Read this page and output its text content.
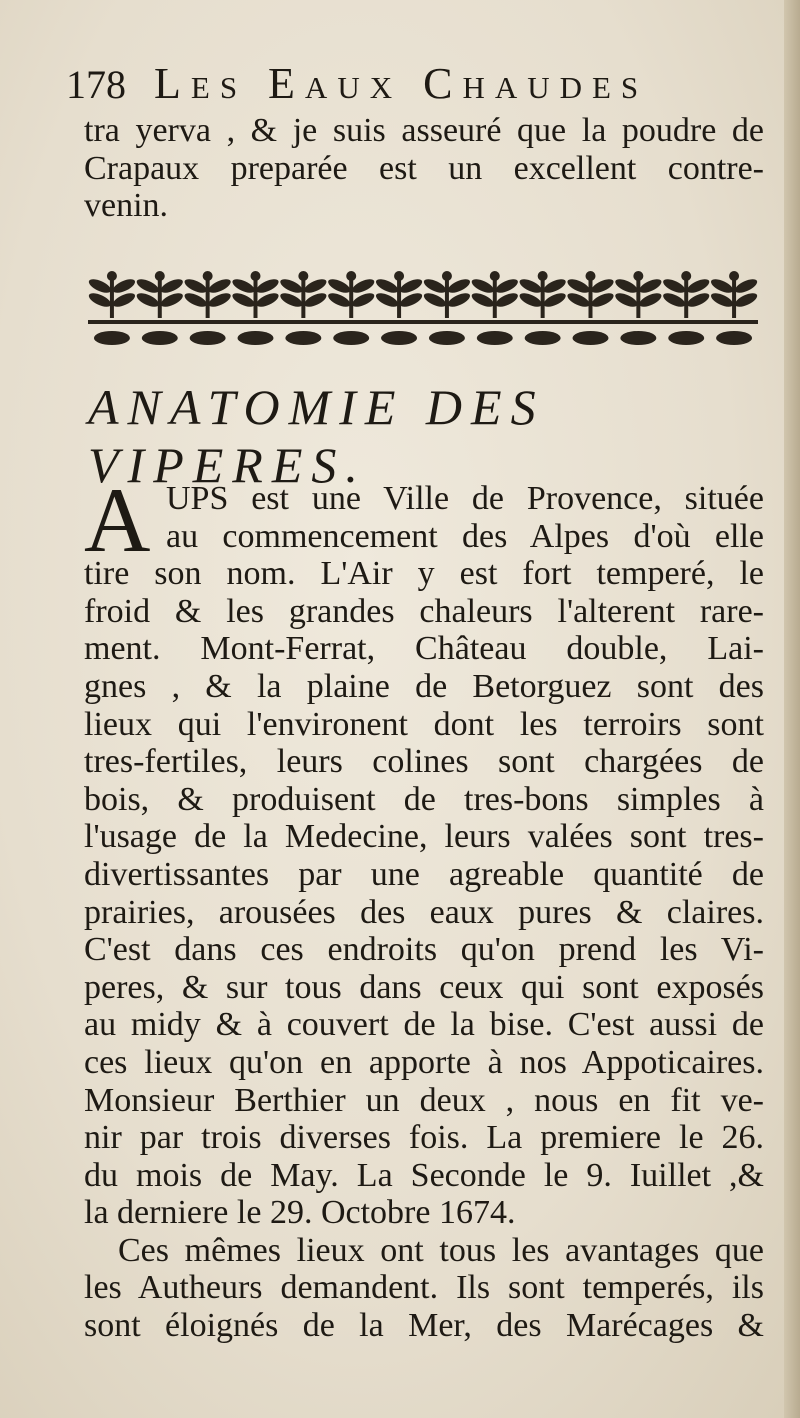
178 Les Eaux Chaudes
tra yerva , & je suis asseuré que la poudre de
Crapaux preparée est un excellent contre-
venin.
ANATOMIE DES VIPERES.
A UPS est une Ville de Provence, située
au commencement des Alpes d'où elle
tire son nom. L'Air y est fort temperé, le
froid & les grandes chaleurs l'alterent rare-
ment. Mont-Ferrat, Château double, Lai-
gnes , & la plaine de Betorguez sont des
lieux qui l'environent dont les terroirs sont
tres-fertiles, leurs colines sont chargées de
bois, & produisent de tres-bons simples à
l'usage de la Medecine, leurs valées sont tres-
divertissantes par une agreable quantité de
prairies, arousées des eaux pures & claires.
C'est dans ces endroits qu'on prend les Vi-
peres, & sur tous dans ceux qui sont exposés
au midy & à couvert de la bise. C'est aussi de
ces lieux qu'on en apporte à nos Appoticaires.
Monsieur Berthier un deux , nous en fit ve-
nir par trois diverses fois. La premiere le 26.
du mois de May. La Seconde le 9. Iuillet ,&
la derniere le 29. Octobre 1674.
Ces mêmes lieux ont tous les avantages que
les Autheurs demandent. Ils sont temperés, ils
sont éloignés de la Mer, des Marécages &
